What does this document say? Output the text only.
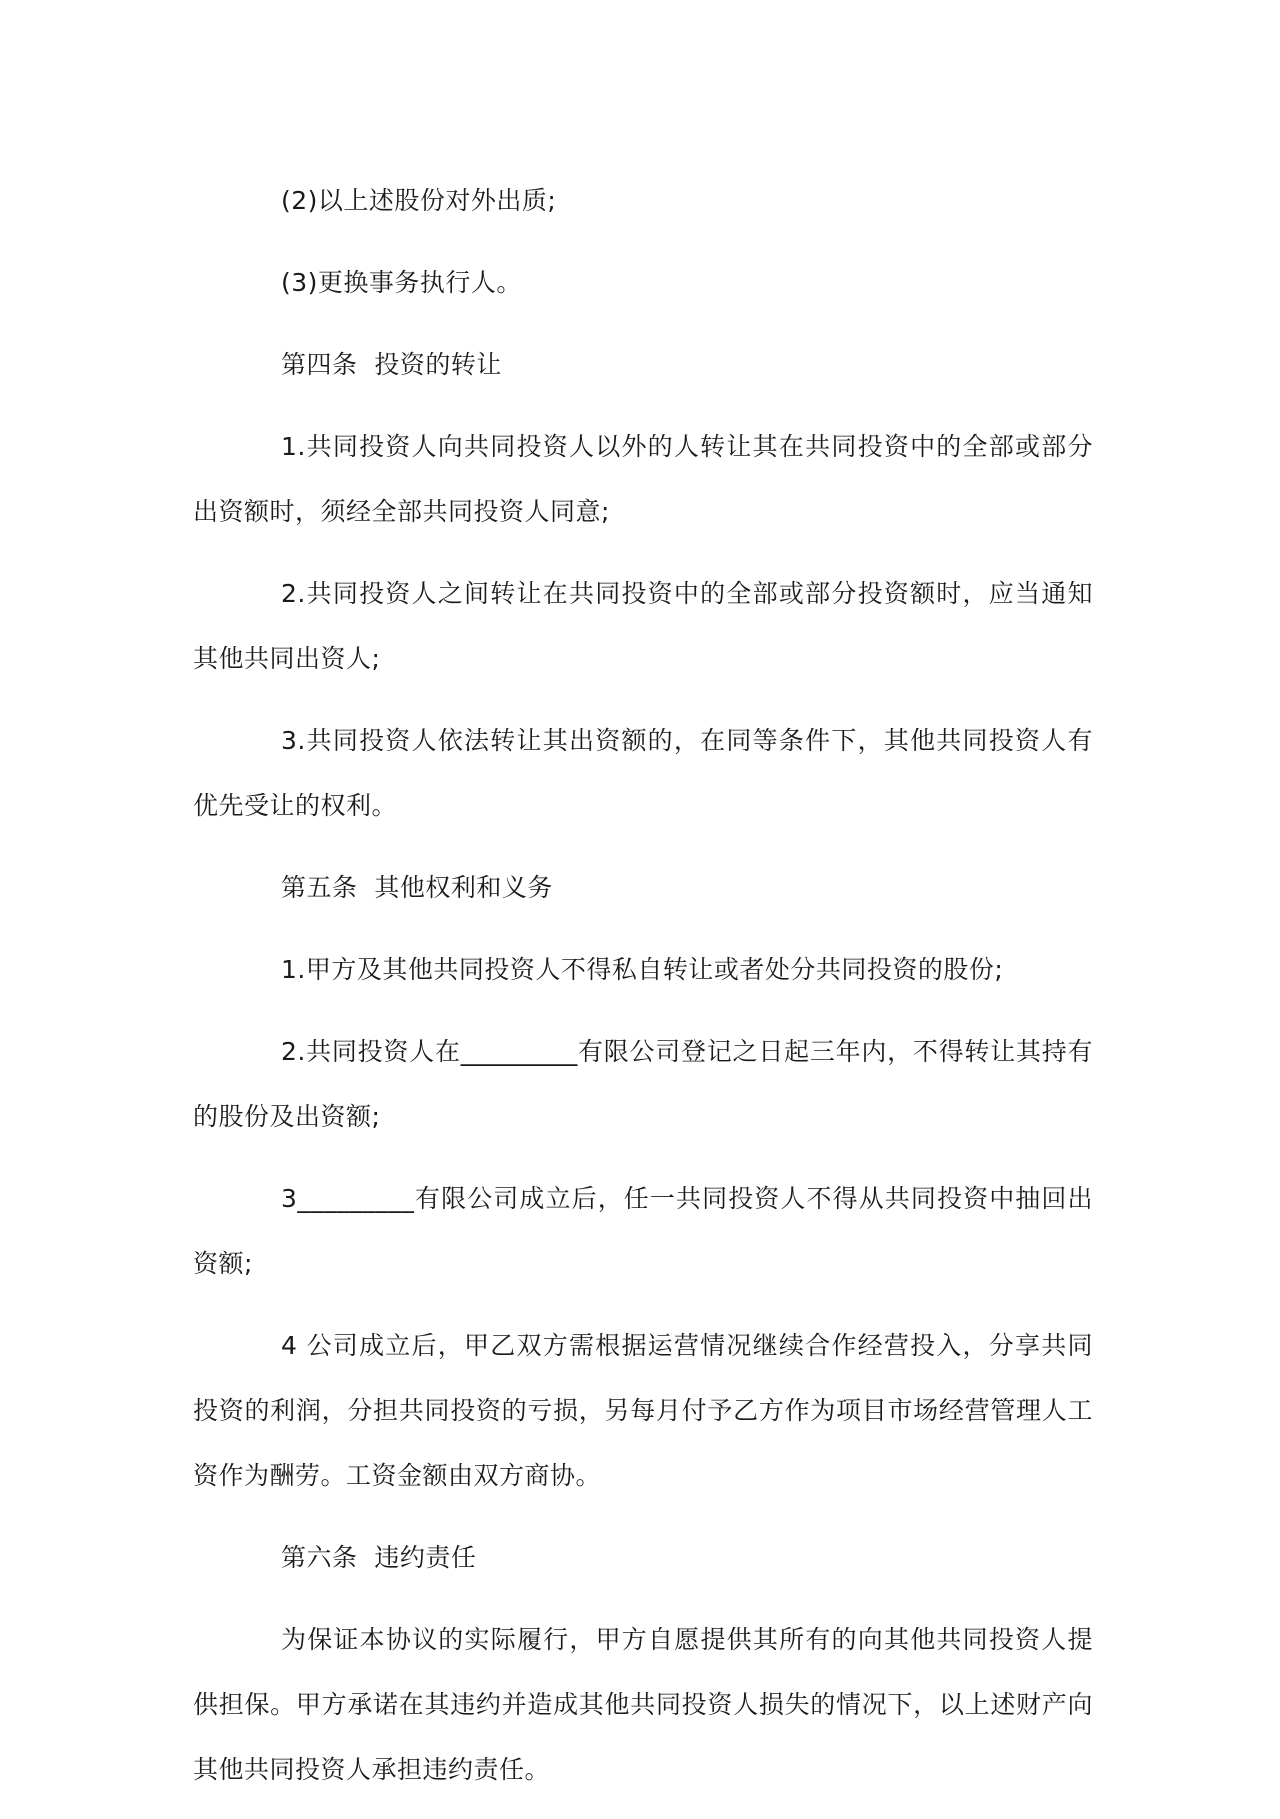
(2)以上述股份对外出质;

(3)更换事务执行人。

第四条  投资的转让

1.共同投资人向共同投资人以外的人转让其在共同投资中的全部或部分出资额时，须经全部共同投资人同意;

2.共同投资人之间转让在共同投资中的全部或部分投资额时，应当通知其他共同出资人;

3.共同投资人依法转让其出资额的，在同等条件下，其他共同投资人有优先受让的权利。

第五条  其他权利和义务

1.甲方及其他共同投资人不得私自转让或者处分共同投资的股份;

2.共同投资人在_________有限公司登记之日起三年内，不得转让其持有的股份及出资额;

3_________有限公司成立后，任一共同投资人不得从共同投资中抽回出资额;

4 公司成立后，甲乙双方需根据运营情况继续合作经营投入，分享共同投资的利润，分担共同投资的亏损，另每月付予乙方作为项目市场经营管理人工资作为酬劳。工资金额由双方商协。

第六条  违约责任

为保证本协议的实际履行，甲方自愿提供其所有的向其他共同投资人提供担保。甲方承诺在其违约并造成其他共同投资人损失的情况下，以上述财产向其他共同投资人承担违约责任。
